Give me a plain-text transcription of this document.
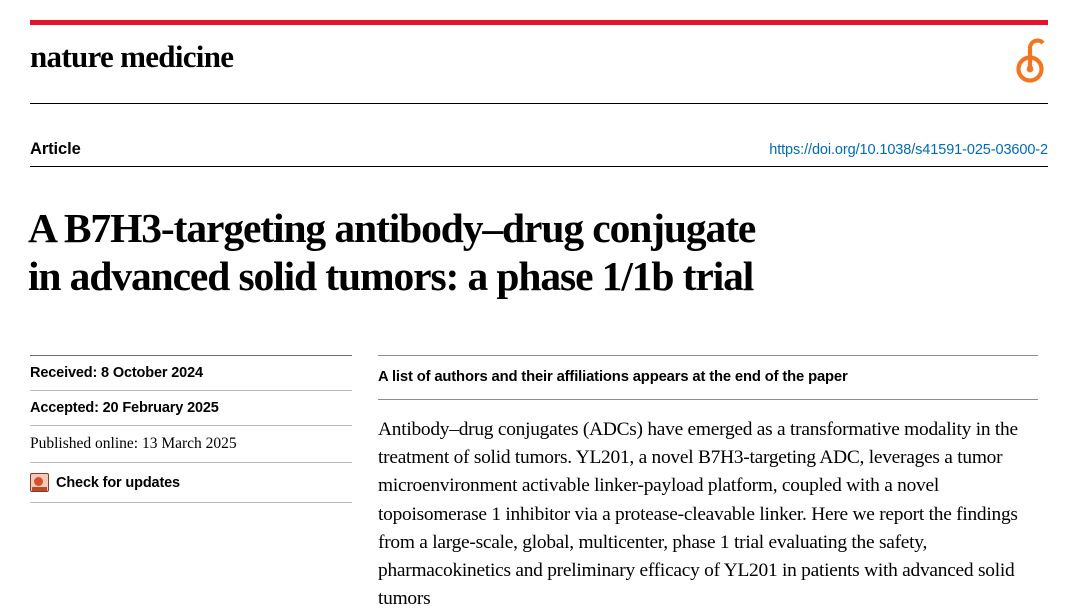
nature medicine
Article	https://doi.org/10.1038/s41591-025-03600-2
A B7H3-targeting antibody–drug conjugate
in advanced solid tumors: a phase 1/1b trial
Received: 8 October 2024
Accepted: 20 February 2025
Published online: 13 March 2025
Check for updates
A list of authors and their affiliations appears at the end of the paper
Antibody–drug conjugates (ADCs) have emerged as a transformative modality in the treatment of solid tumors. YL201, a novel B7H3-targeting ADC, leverages a tumor microenvironment activable linker-payload platform, coupled with a novel topoisomerase 1 inhibitor via a protease-cleavable linker. Here we report the findings from a large-scale, global, multicenter, phase 1 trial evaluating the safety, pharmacokinetics and preliminary efficacy of YL201 in patients with advanced solid tumors
